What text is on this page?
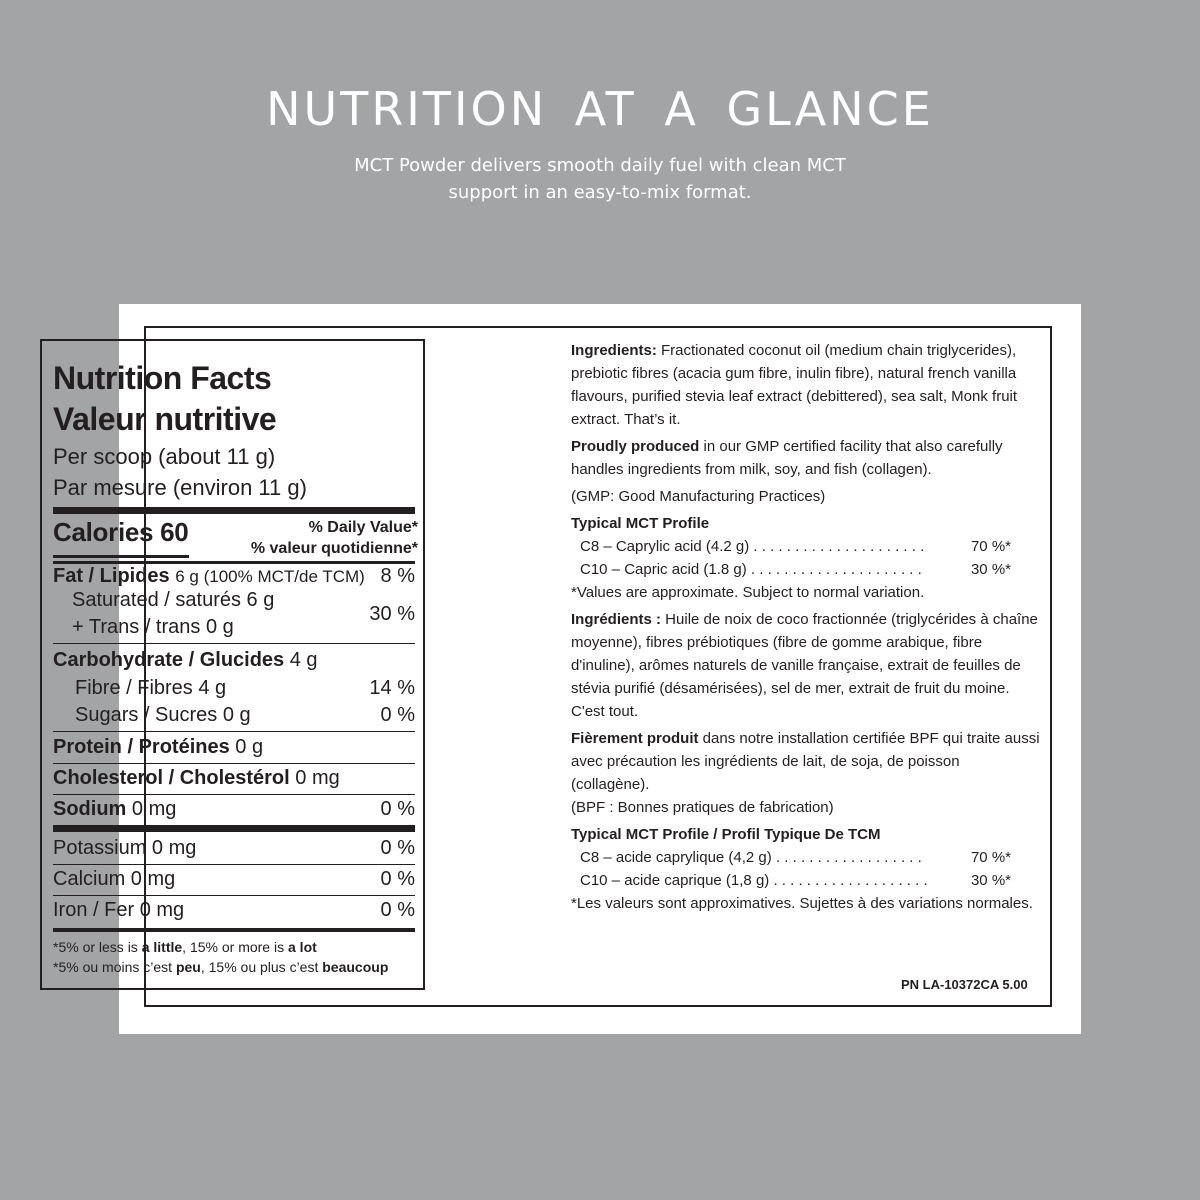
NUTRITION AT A GLANCE
MCT Powder delivers smooth daily fuel with clean MCT
support in an easy-to-mix format.
Nutrition Facts
Valeur nutritive
Per scoop (about 11 g)
Par mesure (environ 11 g)
Calories 60	% Daily Value*
% valeur quotidienne*
Fat / Lipides 6 g (100% MCT/de TCM) 8 %
Saturated / saturés 6 g
+ Trans / trans 0 g
30 %
Carbohydrate / Glucides 4 g
Fibre / Fibres 4 g	14 %
Sugars / Sucres 0 g	0 %
Protein / Protéines 0 g
Cholesterol / Cholestérol 0 mg
Sodium 0 mg	0 %
Potassium 0 mg	0 %
Calcium 0 mg	0 %
Iron / Fer 0 mg	0 %
*5% or less is a little, 15% or more is a lot
*5% ou moins c’est peu, 15% ou plus c’est beaucoup

Ingredients: Fractionated coconut oil (medium chain triglycerides), prebiotic fibres (acacia gum fibre, inulin fibre), natural french vanilla flavours, purified stevia leaf extract (debittered), sea salt, Monk fruit extract. That’s it.

Proudly produced in our GMP certified facility that also carefully handles ingredients from milk, soy, and fish (collagen).

(GMP: Good Manufacturing Practices)

Typical MCT Profile

C8 – Caprylic acid (4.2 g) . . . . . . . . . . . . . . . . . . . . .	70 %*
C10 – Capric acid (1.8 g) . . . . . . . . . . . . . . . . . . . . .	30 %*

*Values are approximate. Subject to normal variation.

Ingrédients : Huile de noix de coco fractionnée (triglycérides à chaîne moyenne), fibres prébiotiques (fibre de gomme arabique, fibre d'inuline), arômes naturels de vanille française, extrait de feuilles de stévia purifié (désamérisées), sel de mer, extrait de fruit du moine. C'est tout.

Fièrement produit dans notre installation certifiée BPF qui traite aussi avec précaution les ingrédients de lait, de soja, de poisson (collagène).

(BPF : Bonnes pratiques de fabrication)

Typical MCT Profile / Profil Typique De TCM

C8 – acide caprylique (4,2 g) . . . . . . . . . . . . . . . . . .	70 %*
C10 – acide caprique (1,8 g) . . . . . . . . . . . . . . . . . . .	30 %*

*Les valeurs sont approximatives. Sujettes à des variations normales.

PN LA-10372CA 5.00
